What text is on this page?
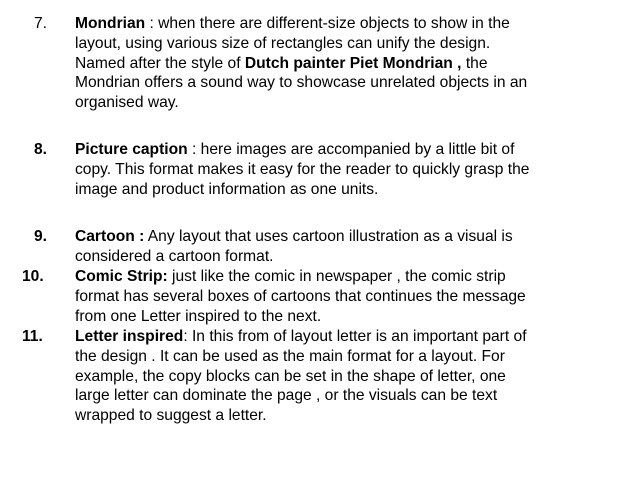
7. Mondrian : when there are different-size objects to show in the
layout, using various size of rectangles can unify the design.
Named after the style of Dutch painter Piet Mondrian , the
Mondrian offers a sound way to showcase unrelated objects in an
organised way.
8. Picture caption : here images are accompanied by a little bit of
copy. This format makes it easy for the reader to quickly grasp the
image and product information as one units.
9. Cartoon : Any layout that uses cartoon illustration as a visual is
considered a cartoon format.
10. Comic Strip: just like the comic in newspaper , the comic strip
format has several boxes of cartoons that continues the message
from one Letter inspired to the next.
11. Letter inspired: In this from of layout letter is an important part of
the design . It can be used as the main format for a layout. For
example, the copy blocks can be set in the shape of letter, one
large letter can dominate the page , or the visuals can be text
wrapped to suggest a letter.
